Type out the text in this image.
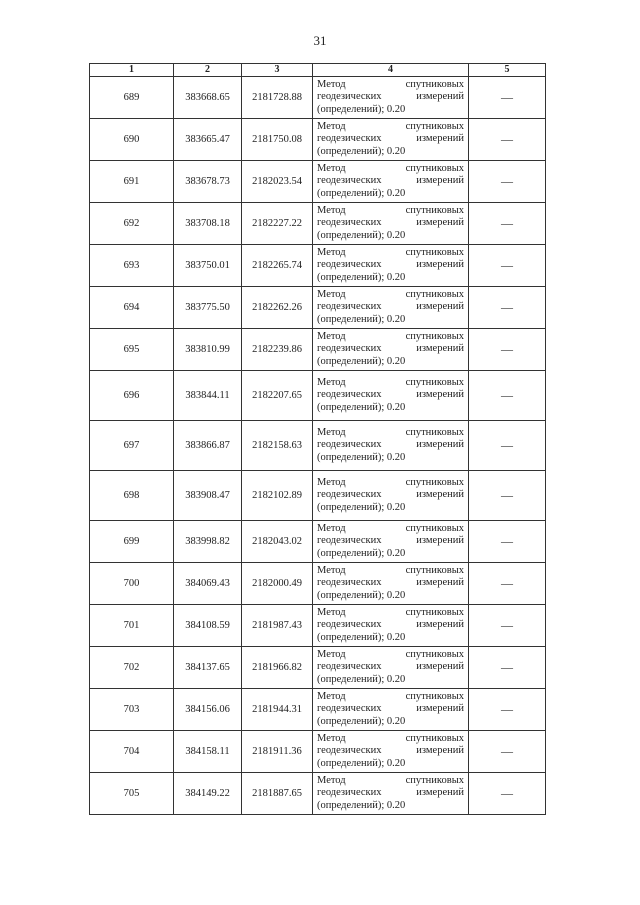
31
1	2	3	4	5
689	383668.65	2181728.88	Метод спутниковых
геодезических измерений
(определений); 0.20	—
690	383665.47	2181750.08	Метод спутниковых
геодезических измерений
(определений); 0.20	—
691	383678.73	2182023.54	Метод спутниковых
геодезических измерений
(определений); 0.20	—
692	383708.18	2182227.22	Метод спутниковых
геодезических измерений
(определений); 0.20	—
693	383750.01	2182265.74	Метод спутниковых
геодезических измерений
(определений); 0.20	—
694	383775.50	2182262.26	Метод спутниковых
геодезических измерений
(определений); 0.20	—
695	383810.99	2182239.86	Метод спутниковых
геодезических измерений
(определений); 0.20	—
696	383844.11	2182207.65	Метод спутниковых
геодезических измерений
(определений); 0.20	—
697	383866.87	2182158.63	Метод спутниковых
геодезических измерений
(определений); 0.20	—
698	383908.47	2182102.89	Метод спутниковых
геодезических измерений
(определений); 0.20	—
699	383998.82	2182043.02	Метод спутниковых
геодезических измерений
(определений); 0.20	—
700	384069.43	2182000.49	Метод спутниковых
геодезических измерений
(определений); 0.20	—
701	384108.59	2181987.43	Метод спутниковых
геодезических измерений
(определений); 0.20	—
702	384137.65	2181966.82	Метод спутниковых
геодезических измерений
(определений); 0.20	—
703	384156.06	2181944.31	Метод спутниковых
геодезических измерений
(определений); 0.20	—
704	384158.11	2181911.36	Метод спутниковых
геодезических измерений
(определений); 0.20	—
705	384149.22	2181887.65	Метод спутниковых
геодезических измерений
(определений); 0.20	—
